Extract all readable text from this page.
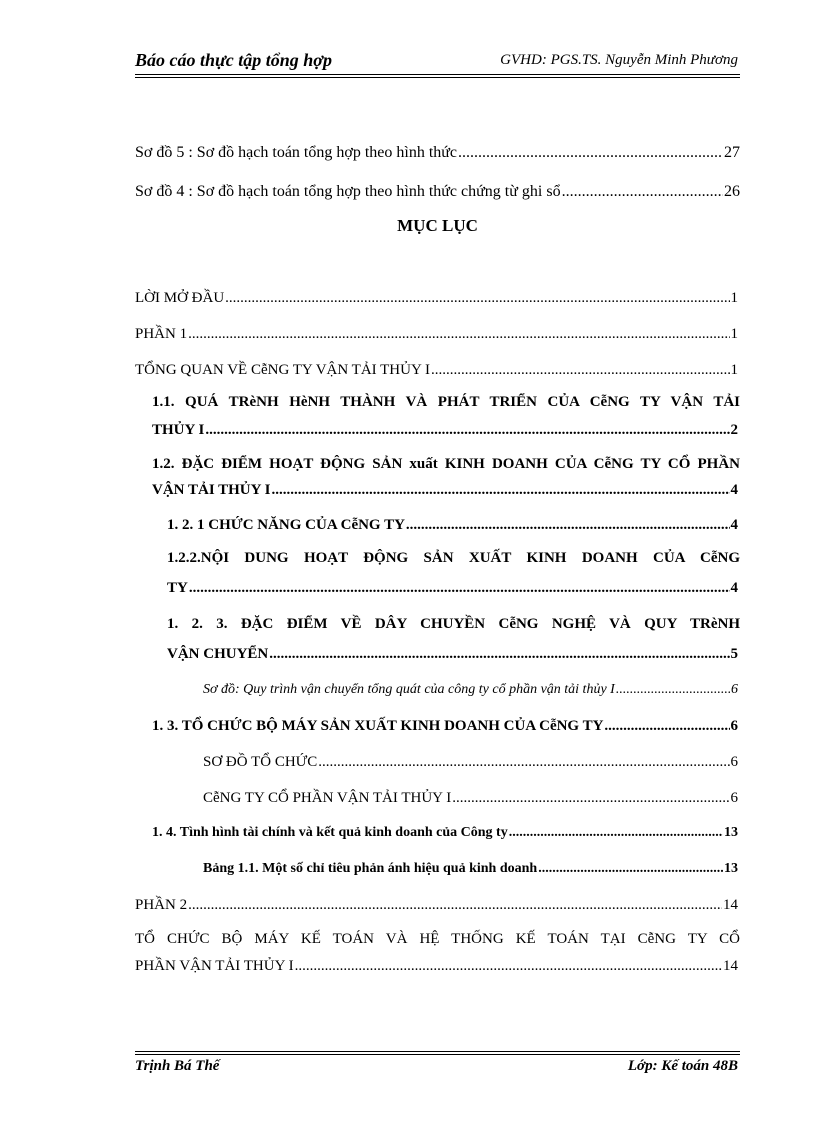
Báo cáo thực tập tổng hợp	GVHD: PGS.TS. Nguyễn Minh Phương
Sơ đồ 5 : Sơ đồ hạch toán tổng hợp theo hình thức .....	27
Sơ đồ 4 : Sơ đồ hạch toán tổng hợp theo hình thức chứng từ ghi sổ .....	26
MỤC LỤC
LỜI MỞ ĐẦU .....	1
PHẦN 1 .....	1
TỔNG QUAN VỀ CễNG TY VẬN TẢI THỦY I .....	1
1.1. QUÁ TRèNH HèNH THÀNH VÀ PHÁT TRIỂN CỦA CễNG TY VẬN TẢI
THỦY I .....	2
1.2. ĐẶC ĐIỂM HOẠT ĐỘNG SẢN xuất KINH DOANH CỦA CễNG TY CỔ PHẦN
VẬN TẢI THỦY I .....	4
1. 2. 1 CHỨC NĂNG CỦA CễNG TY .....	4
1.2.2.NỘI DUNG HOẠT ĐỘNG SẢN XUẤT KINH DOANH CỦA CễNG
TY .....	4
1. 2. 3. ĐẶC ĐIỂM VỀ DÂY CHUYỀN CễNG NGHỆ VÀ QUY TRèNH
VẬN CHUYỂN .....	5
Sơ đồ: Quy trình vận chuyển tổng quát của công ty cổ phần vận tải thủy I .....	6
1. 3. TỔ CHỨC BỘ MÁY SẢN XUẤT KINH DOANH CỦA CễNG TY .....	6
SƠ ĐỒ TỔ CHỨC .....	6
CễNG TY CỔ PHẦN VẬN TẢI THỦY I .....	6
1. 4. Tình hình tài chính và kết quả kinh doanh của Công ty .....	13
Bảng 1.1. Một số chỉ tiêu phản ánh hiệu quả kinh doanh .....	13
PHẦN 2 .....	14
TỔ CHỨC BỘ MÁY KẾ TOÁN VÀ HỆ THỐNG KẾ TOÁN TẠI CễNG TY CỔ
PHẦN VẬN TẢI THỦY I .....	14
Trịnh Bá Thế	Lớp: Kế toán 48B
